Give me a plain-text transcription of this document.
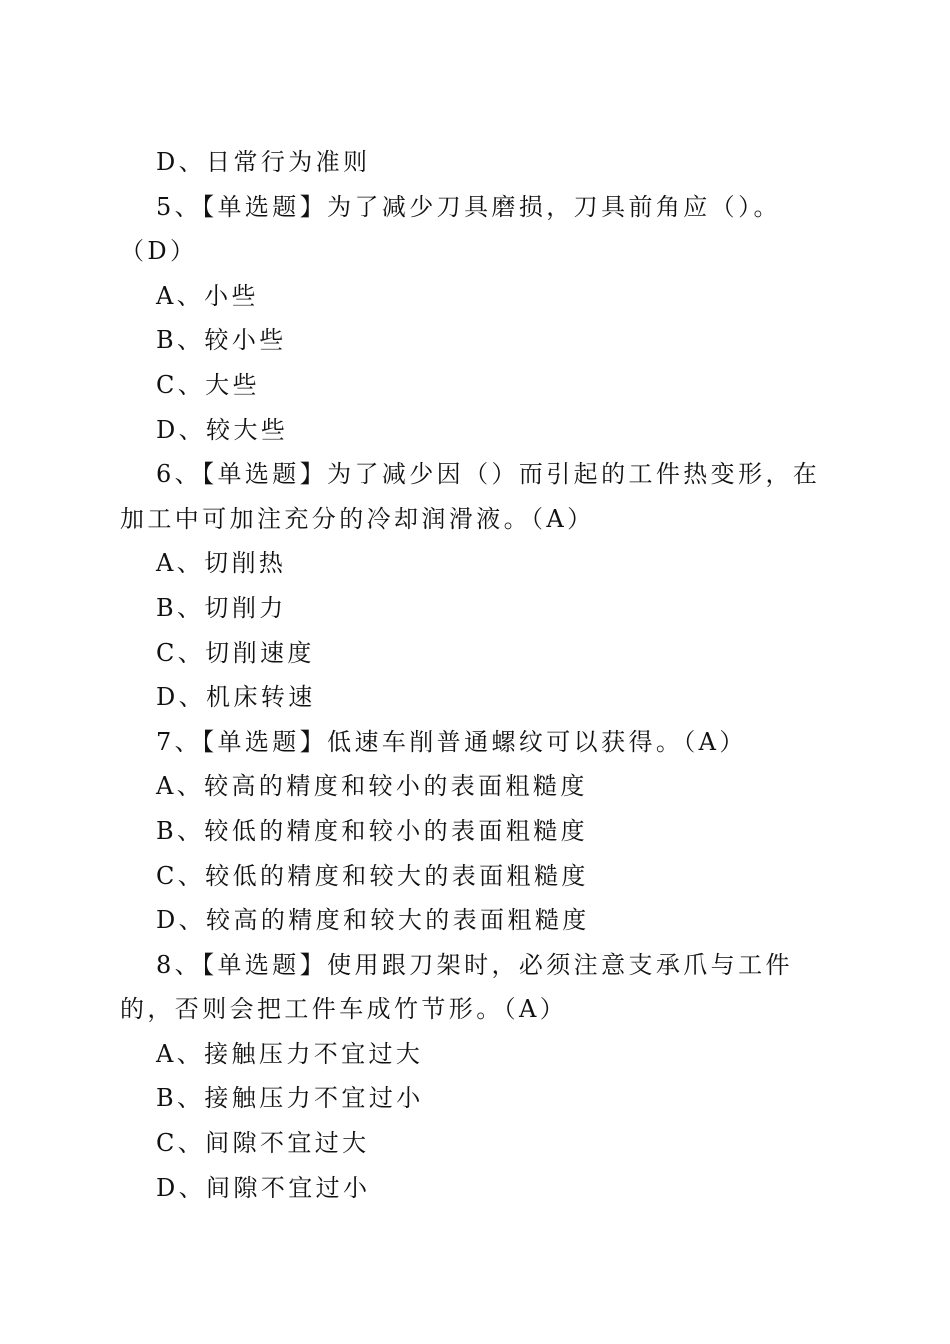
D、日常行为准则

5、【单选题】为了减少刀具磨损，刀具前角应（）。（D）

A、小些

B、较小些

C、大些

D、较大些

6、【单选题】为了减少因（）而引起的工件热变形，在加工中可加注充分的冷却润滑液。（A）

A、切削热

B、切削力

C、切削速度

D、机床转速

7、【单选题】低速车削普通螺纹可以获得。（A）

A、较高的精度和较小的表面粗糙度

B、较低的精度和较小的表面粗糙度

C、较低的精度和较大的表面粗糙度

D、较高的精度和较大的表面粗糙度

8、【单选题】使用跟刀架时，必须注意支承爪与工件的，否则会把工件车成竹节形。（A）

A、接触压力不宜过大

B、接触压力不宜过小

C、间隙不宜过大

D、间隙不宜过小
